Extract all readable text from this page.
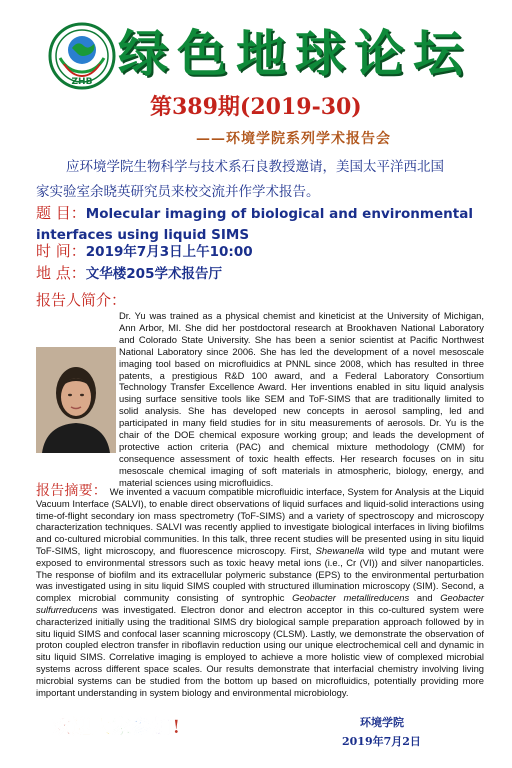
ZHB 绿色地球论坛
第389期(2019-30)
——环境学院系列学术报告会
应环境学院生物科学与技术系石良教授邀请，美国太平洋西北国
家实验室余晓英研究员来校交流并作学术报告。
题 目：Molecular imaging of biological and environmental interfaces using liquid SIMS
时 间：2019年7月3日上午10:00
地 点：文华楼205学术报告厅
报告人简介：
Dr. Yu was trained as a physical chemist and kineticist at the University of Michigan, Ann Arbor, MI. She did her postdoctoral research at Brookhaven National Laboratory and Colorado State University. She has been a senior scientist at Pacific Northwest National Laboratory since 2006. She has led the development of a novel mesoscale imaging tool based on microfluidics at PNNL since 2008, which has resulted in three patents, a prestigious R&D 100 award, and a Federal Laboratory Consortium Technology Transfer Excellence Award. Her inventions enabled in situ liquid analysis using surface sensitive tools like SEM and ToF-SIMS that are traditionally limited to solid analysis. She has developed new concepts in aerosol sampling, led and participated in many field studies for in situ measurements of aerosols. Dr. Yu is the chair of the DOE chemical exposure working group; and leads the development of protective action criteria (PAC) and chemical mixture methodology (CMM) for consequence assessment of toxic health effects. Her research focuses on in situ mesoscale chemical imaging of soft materials in atmospheric, biology, energy, and material sciences using microfluidics.
报告摘要： We invented a vacuum compatible microfluidic interface, System for Analysis at the Liquid Vacuum Interface (SALVI), to enable direct observations of liquid surfaces and liquid-solid interactions using time-of-flight secondary ion mass spectrometry (ToF-SIMS) and a variety of spectroscopy and microscopy characterization techniques. SALVI was recently applied to investigate biological interfaces in living biofilms and co-cultured microbial communities. In this talk, three recent studies will be presented using in situ liquid ToF-SIMS, light microscopy, and fluorescence microscopy. First, Shewanella wild type and mutant were exposed to environmental stressors such as toxic heavy metal ions (i.e., Cr (VI)) and silver nanoparticles. The response of biofilm and its extracellular polymeric substance (EPS) to the environmental perturbation was investigated using in situ liquid SIMS coupled with structured illumination microscopy (SIM). Second, a complex microbial community consisting of syntrophic Geobacter metallireducens and Geobacter sulfurreducens was investigated. Electron donor and electron acceptor in this co-cultured system were characterized initially using the traditional SIMS dry biological sample preparation approach followed by in situ liquid SIMS and confocal laser scanning microscopy (CLSM). Lastly, we demonstrate the observation of proton coupled electron transfer in riboflavin reduction using our unique electrochemical cell and dynamic in situ liquid SIMS. Correlative imaging is employed to achieve a more holistic view of complexed microbial systems across different space scales. Our results demonstrate that interfacial chemistry involving living microbial systems can be studied from the bottom up based on microfluidics, potentially providing more important understanding in system biology and environmental microbiology.
欢迎大家参加!	环境学院
2019年7月2日
